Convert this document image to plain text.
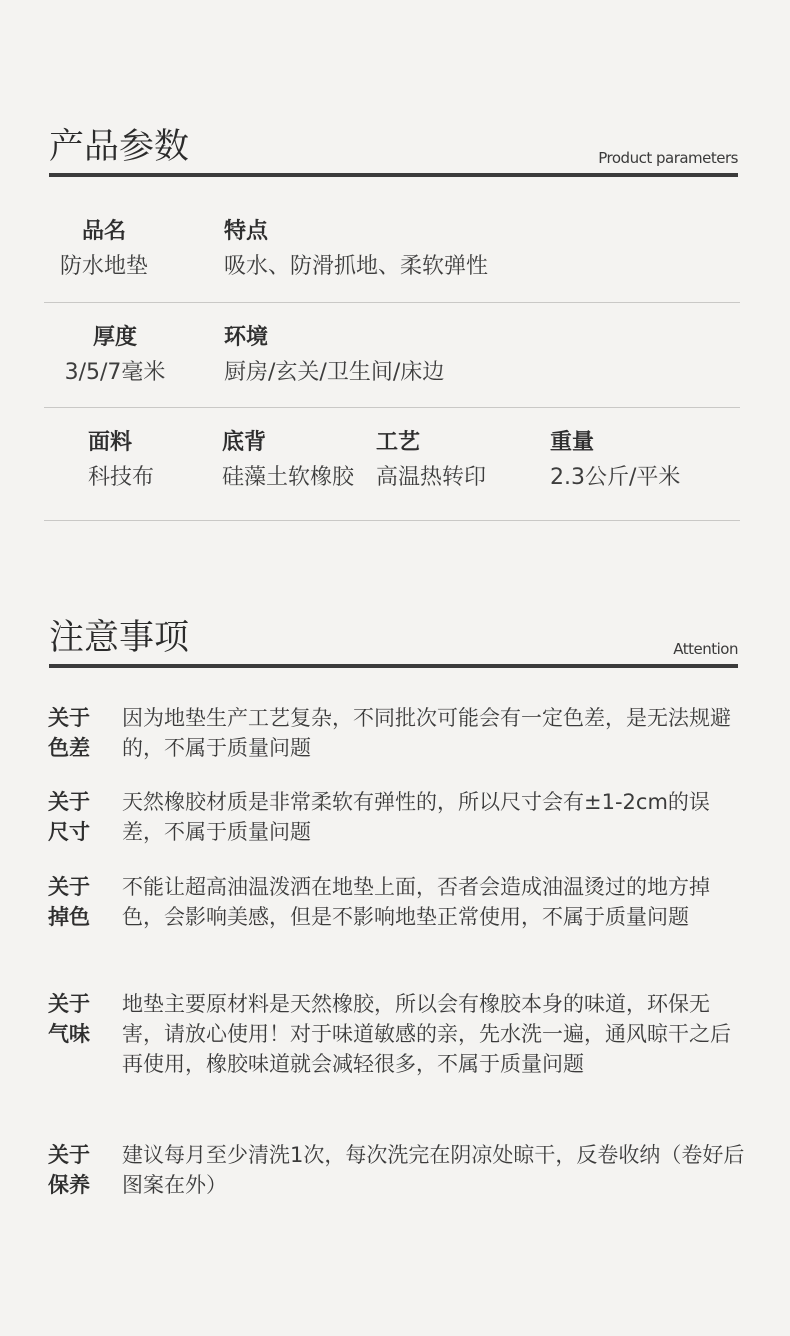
产品参数	Product parameters
品名
防水地垫
特点
吸水、防滑抓地、柔软弹性
厚度
3/5/7毫米
环境
厨房/玄关/卫生间/床边
面料
科技布
底背
硅藻土软橡胶
工艺
高温热转印
重量
2.3公斤/平米
注意事项	Attention
关于
色差
因为地垫生产工艺复杂，不同批次可能会有一定色差，是无法规避的，不属于质量问题
关于
尺寸
天然橡胶材质是非常柔软有弹性的，所以尺寸会有±1-2cm的误差，不属于质量问题
关于
掉色
不能让超高油温泼洒在地垫上面，否者会造成油温烫过的地方掉色，会影响美感，但是不影响地垫正常使用，不属于质量问题
关于
气味
地垫主要原材料是天然橡胶，所以会有橡胶本身的味道，环保无害，请放心使用！对于味道敏感的亲，先水洗一遍，通风晾干之后再使用，橡胶味道就会减轻很多，不属于质量问题
关于
保养
建议每月至少清洗1次，每次洗完在阴凉处晾干，反卷收纳（卷好后图案在外）
